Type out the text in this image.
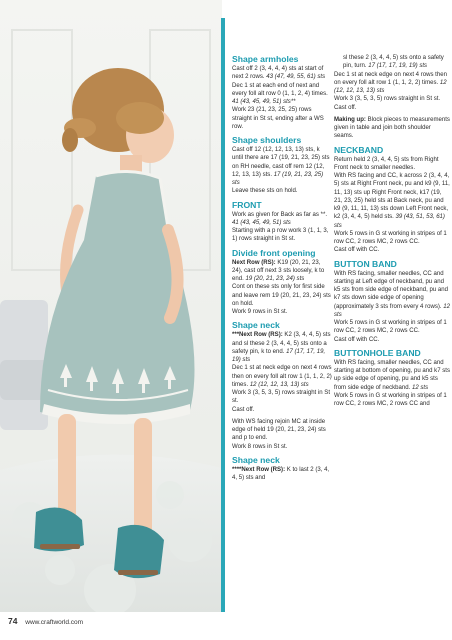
Shape armholes

Cast off 2 (3, 4, 4, 4) sts at start of next 2 rows. 43 (47, 49, 55, 61) sts

Dec 1 st at each end of next and every foll alt row 0 (1, 1, 2, 4) times. 41 (43, 45, 49, 51) sts**

Work 23 (21, 23, 25, 25) rows straight in St st, ending after a WS row.

Shape shoulders

Cast off 12 (12, 12, 13, 13) sts, k until there are 17 (19, 21, 23, 25) sts on RH needle, cast off rem 12 (12, 12, 13, 13) sts. 17 (19, 21, 23, 25) sts

Leave these sts on hold.

FRONT

Work as given for Back as far as **. 41 (43, 45, 49, 51) sts

Starting with a p row work 3 (1, 1, 3, 1) rows straight in St st.

Divide front opening

Next Row (RS): K19 (20, 21, 23, 24), cast off next 3 sts loosely, k to end. 19 (20, 21, 23, 24) sts

Cont on these sts only for first side and leave rem 19 (20, 21, 23, 24) sts on hold.

Work 9 rows in St st.

Shape neck

***Next Row (RS): K2 (3, 4, 4, 5) sts and sl these 2 (3, 4, 4, 5) sts onto a safety pin, k to end. 17 (17, 17, 19, 19) sts

Dec 1 st at neck edge on next 4 rows then on every foll alt row 1 (1, 1, 2, 2) times. 12 (12, 12, 13, 13) sts

Work 3 (3, 5, 3, 5) rows straight in St st.

Cast off.

With WS facing rejoin MC at inside edge of held 19 (20, 21, 23, 24) sts and p to end.

Work 8 rows in St st.

Shape neck

****Next Row (RS): K to last 2 (3, 4, 4, 5) sts and

sl these 2 (3, 4, 4, 5) sts onto a safety pin, turn. 17 (17, 17, 19, 19) sts

Dec 1 st at neck edge on next 4 rows then on every foll alt row 1 (1, 1, 2, 2) times. 12 (12, 12, 13, 13) sts

Work 3 (3, 5, 3, 5) rows straight in St st.

Cast off.

Making up: Block pieces to measurements given in table and join both shoulder seams.

NECKBAND

Return held 2 (3, 4, 4, 5) sts from Right Front neck to smaller needles.

With RS facing and CC, k across 2 (3, 4, 4, 5) sts at Right Front neck, pu and k9 (9, 11, 11, 13) sts up Right Front neck, k17 (19, 21, 23, 25) held sts at Back neck, pu and k9 (9, 11, 11, 13) sts down Left Front neck, k2 (3, 4, 4, 5) held sts. 39 (43, 51, 53, 61) sts

Work 5 rows in G st working in stripes of 1 row CC, 2 rows MC, 2 rows CC.

Cast off with CC.

BUTTON BAND

With RS facing, smaller needles, CC and starting at Left edge of neckband, pu and k5 sts from side edge of neckband, pu and k7 sts down side edge of opening (approximately 3 sts from every 4 rows). 12 sts

Work 5 rows in G st working in stripes of 1 row CC, 2 rows MC, 2 rows CC.

Cast off with CC.

BUTTONHOLE BAND

With RS facing, smaller needles, CC and starting at bottom of opening, pu and k7 sts up side edge of opening, pu and k5 sts from side edge of neckband. 12 sts

Work 5 rows in G st working in stripes of 1 row CC, 2 rows MC, 2 rows CC and

74 www.craftworld.com
